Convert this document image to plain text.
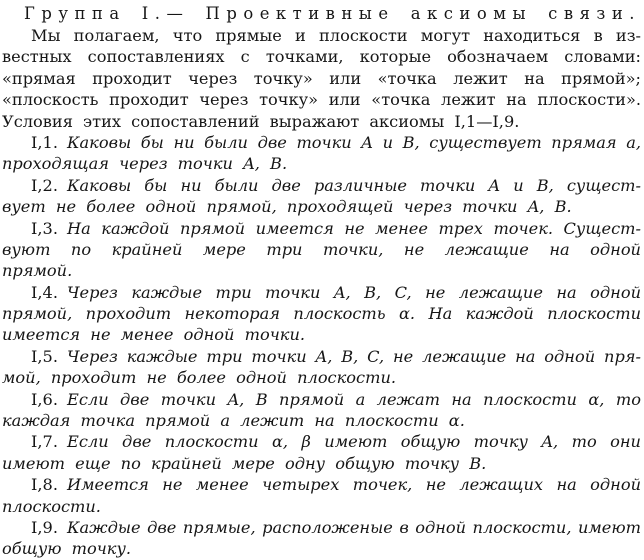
Группа I.— Проективные аксиомы связи.
Мы полагаем, что прямые и плоскости могут находиться в из-
вестных сопоставлениях с точками, которые обозначаем словами:
«прямая проходит через точку» или «точка лежит на прямой»;
«плоскость проходит через точку» или «точка лежит на плоскости».
Условия этих сопоставлений выражают аксиомы I,1—I,9.
I,1. Каковы бы ни были две точки A и B, существует прямая a,
проходящая через точки A, B.
I,2. Каковы бы ни были две различные точки A и B, сущест-
вует не более одной прямой, проходящей через точки A, B.
I,3. На каждой прямой имеется не менее трех точек. Сущест-
вуют по крайней мере три точки, не лежащие на одной
прямой.
I,4. Через каждые три точки A, B, C, не лежащие на одной
прямой, проходит некоторая плоскость α. На каждой плоскости
имеется не менее одной точки.
I,5. Через каждые три точки A, B, C, не лежащие на одной пря-
мой, проходит не более одной плоскости.
I,6. Если две точки A, B прямой a лежат на плоскости α, то
каждая точка прямой a лежит на плоскости α.
I,7. Если две плоскости α, β имеют общую точку A, то они
имеют еще по крайней мере одну общую точку B.
I,8. Имеется не менее четырех точек, не лежащих на одной
плоскости.
I,9. Каждые две прямые, расположеные в одной плоскости, имеют
общую точку.
